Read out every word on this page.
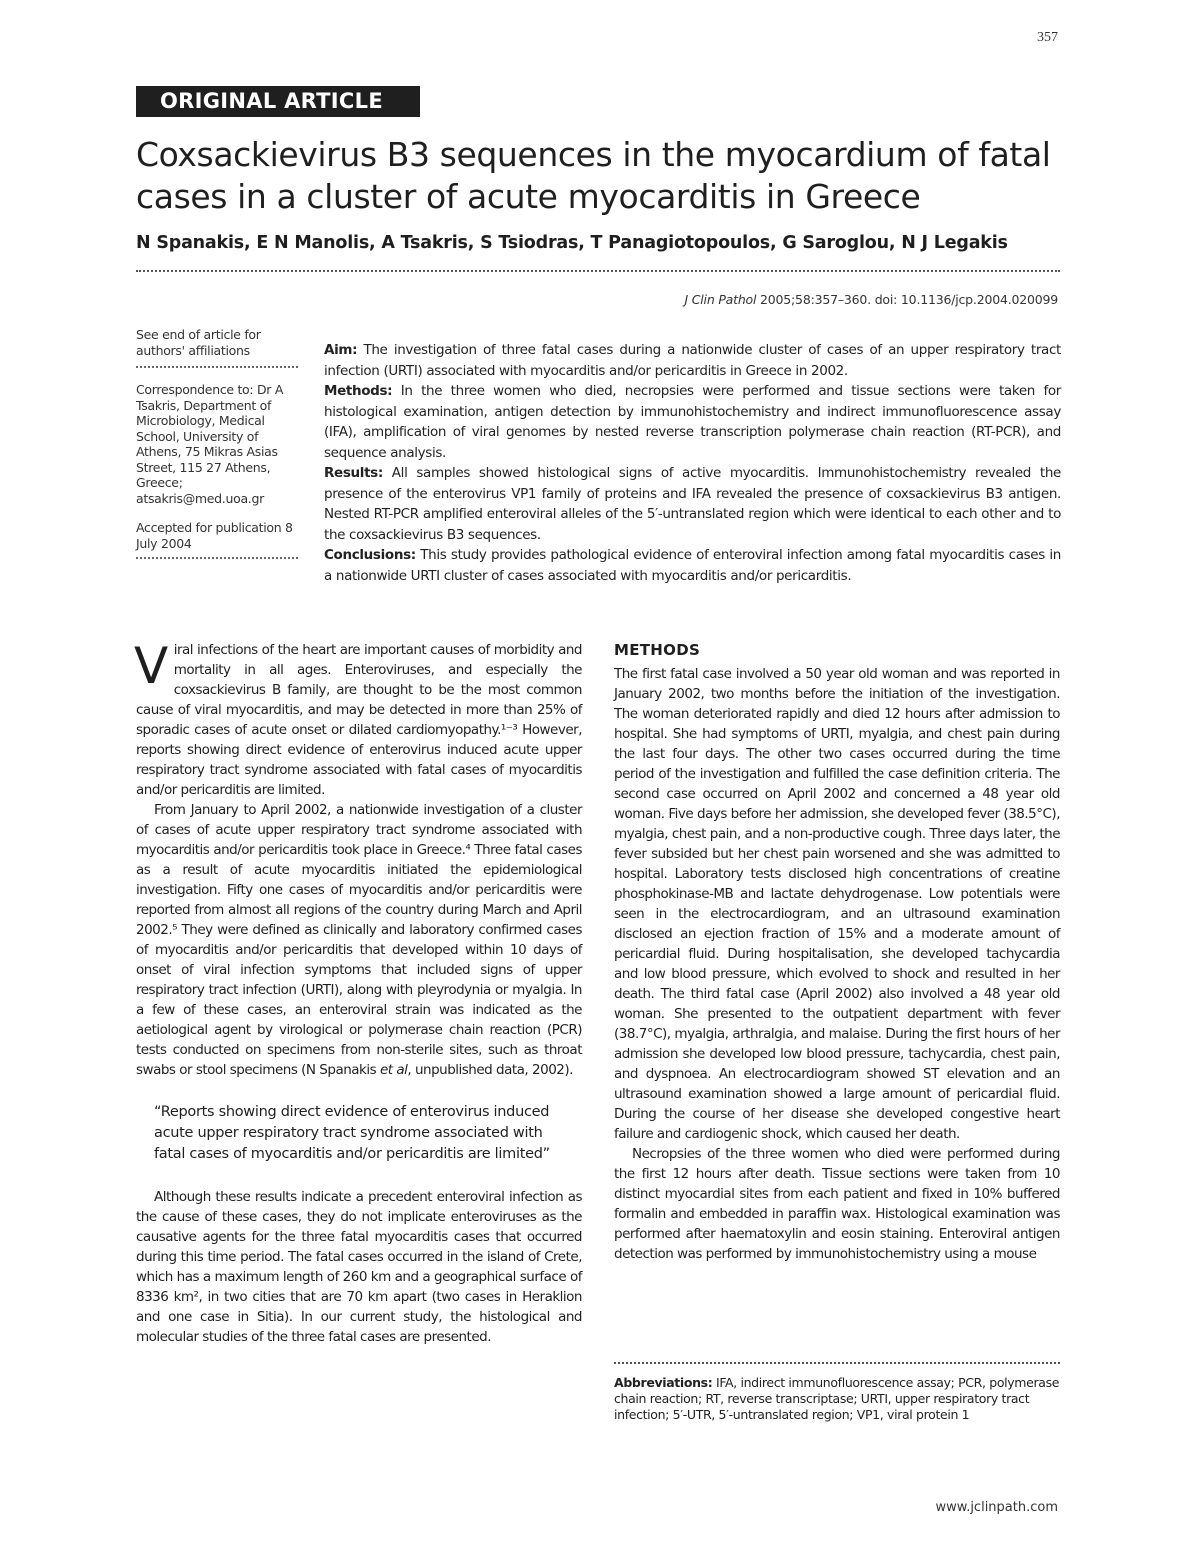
357
ORIGINAL ARTICLE
Coxsackievirus B3 sequences in the myocardium of fatal cases in a cluster of acute myocarditis in Greece
N Spanakis, E N Manolis, A Tsakris, S Tsiodras, T Panagiotopoulos, G Saroglou, N J Legakis
J Clin Pathol 2005;58:357–360. doi: 10.1136/jcp.2004.020099

See end of article for authors' affiliations

Correspondence to: Dr A Tsakris, Department of Microbiology, Medical School, University of Athens, 75 Mikras Asias Street, 115 27 Athens, Greece; atsakris@med.uoa.gr

Accepted for publication 8 July 2004

Aim: The investigation of three fatal cases during a nationwide cluster of cases of an upper respiratory tract infection (URTI) associated with myocarditis and/or pericarditis in Greece in 2002.

Methods: In the three women who died, necropsies were performed and tissue sections were taken for histological examination, antigen detection by immunohistochemistry and indirect immunofluorescence assay (IFA), amplification of viral genomes by nested reverse transcription polymerase chain reaction (RT-PCR), and sequence analysis.

Results: All samples showed histological signs of active myocarditis. Immunohistochemistry revealed the presence of the enterovirus VP1 family of proteins and IFA revealed the presence of coxsackievirus B3 antigen. Nested RT-PCR amplified enteroviral alleles of the 5′-untranslated region which were identical to each other and to the coxsackievirus B3 sequences.

Conclusions: This study provides pathological evidence of enteroviral infection among fatal myocarditis cases in a nationwide URTI cluster of cases associated with myocarditis and/or pericarditis.

Viral infections of the heart are important causes of morbidity and mortality in all ages. Enteroviruses, and especially the coxsackievirus B family, are thought to be the most common cause of viral myocarditis, and may be detected in more than 25% of sporadic cases of acute onset or dilated cardiomyopathy.¹⁻³ However, reports showing direct evidence of enterovirus induced acute upper respiratory tract syndrome associated with fatal cases of myocarditis and/or pericarditis are limited.

From January to April 2002, a nationwide investigation of a cluster of cases of acute upper respiratory tract syndrome associated with myocarditis and/or pericarditis took place in Greece.⁴ Three fatal cases as a result of acute myocarditis initiated the epidemiological investigation. Fifty one cases of myocarditis and/or pericarditis were reported from almost all regions of the country during March and April 2002.⁵ They were defined as clinically and laboratory confirmed cases of myocarditis and/or pericarditis that developed within 10 days of onset of viral infection symptoms that included signs of upper respiratory tract infection (URTI), along with pleyrodynia or myalgia. In a few of these cases, an enteroviral strain was indicated as the aetiological agent by virological or polymerase chain reaction (PCR) tests conducted on specimens from non-sterile sites, such as throat swabs or stool specimens (N Spanakis et al, unpublished data, 2002).

“Reports showing direct evidence of enterovirus induced acute upper respiratory tract syndrome associated with fatal cases of myocarditis and/or pericarditis are limited”

Although these results indicate a precedent enteroviral infection as the cause of these cases, they do not implicate enteroviruses as the causative agents for the three fatal myocarditis cases that occurred during this time period. The fatal cases occurred in the island of Crete, which has a maximum length of 260 km and a geographical surface of 8336 km², in two cities that are 70 km apart (two cases in Heraklion and one case in Sitia). In our current study, the histological and molecular studies of the three fatal cases are presented.

METHODS

The first fatal case involved a 50 year old woman and was reported in January 2002, two months before the initiation of the investigation. The woman deteriorated rapidly and died 12 hours after admission to hospital. She had symptoms of URTI, myalgia, and chest pain during the last four days. The other two cases occurred during the time period of the investigation and fulfilled the case definition criteria. The second case occurred on April 2002 and concerned a 48 year old woman. Five days before her admission, she developed fever (38.5°C), myalgia, chest pain, and a non-productive cough. Three days later, the fever subsided but her chest pain worsened and she was admitted to hospital. Laboratory tests disclosed high concentrations of creatine phosphokinase-MB and lactate dehydrogenase. Low potentials were seen in the electrocardiogram, and an ultrasound examination disclosed an ejection fraction of 15% and a moderate amount of pericardial fluid. During hospitalisation, she developed tachycardia and low blood pressure, which evolved to shock and resulted in her death. The third fatal case (April 2002) also involved a 48 year old woman. She presented to the outpatient department with fever (38.7°C), myalgia, arthralgia, and malaise. During the first hours of her admission she developed low blood pressure, tachycardia, chest pain, and dyspnoea. An electrocardiogram showed ST elevation and an ultrasound examination showed a large amount of pericardial fluid. During the course of her disease she developed congestive heart failure and cardiogenic shock, which caused her death.

Necropsies of the three women who died were performed during the first 12 hours after death. Tissue sections were taken from 10 distinct myocardial sites from each patient and fixed in 10% buffered formalin and embedded in paraffin wax. Histological examination was performed after haematoxylin and eosin staining. Enteroviral antigen detection was performed by immunohistochemistry using a mouse

Abbreviations: IFA, indirect immunofluorescence assay; PCR, polymerase chain reaction; RT, reverse transcriptase; URTI, upper respiratory tract infection; 5′-UTR, 5′-untranslated region; VP1, viral protein 1
www.jclinpath.com
